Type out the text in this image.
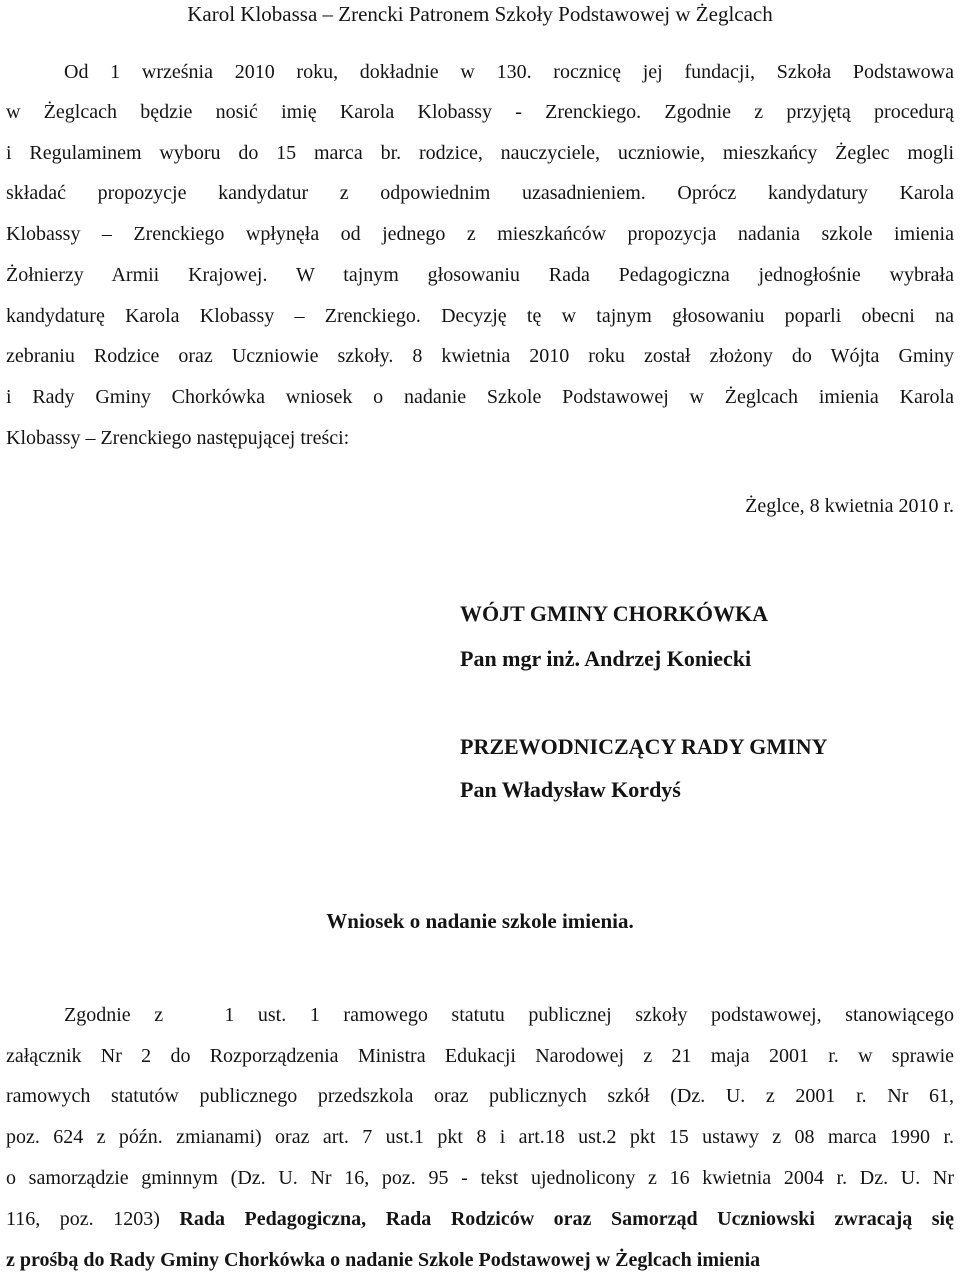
Karol Klobassa – Zrencki Patronem Szkoły Podstawowej w Żeglcach
Od 1 września 2010 roku, dokładnie w 130. rocznicę jej fundacji, Szkoła Podstawowa
w Żeglcach będzie nosić imię Karola Klobassy - Zrenckiego. Zgodnie z przyjętą procedurą
i Regulaminem wyboru do 15 marca br. rodzice, nauczyciele, uczniowie, mieszkańcy Żeglec mogli
składać propozycje kandydatur z odpowiednim uzasadnieniem. Oprócz kandydatury Karola
Klobassy – Zrenckiego wpłynęła od jednego z mieszkańców propozycja nadania szkole imienia
Żołnierzy Armii Krajowej. W tajnym głosowaniu Rada Pedagogiczna jednogłośnie wybrała
kandydaturę Karola Klobassy – Zrenckiego. Decyzję tę w tajnym głosowaniu poparli obecni na
zebraniu Rodzice oraz Uczniowie szkoły. 8 kwietnia 2010 roku został złożony do Wójta Gminy
i Rady Gminy Chorkówka wniosek o nadanie Szkole Podstawowej w Żeglcach imienia Karola
Klobassy – Zrenckiego następującej treści:
Żeglce, 8 kwietnia 2010 r.
WÓJT GMINY CHORKÓWKA
Pan mgr inż. Andrzej Koniecki
PRZEWODNICZĄCY RADY GMINY
Pan Władysław Kordyś
Wniosek o nadanie szkole imienia.
Zgodnie z	1 ust. 1 ramowego statutu publicznej szkoły podstawowej, stanowiącego
załącznik Nr 2 do Rozporządzenia Ministra Edukacji Narodowej z 21 maja 2001 r. w sprawie
ramowych statutów publicznego przedszkola oraz publicznych szkół (Dz. U. z 2001 r. Nr 61,
poz. 624 z późn. zmianami) oraz art. 7 ust.1 pkt 8 i art.18 ust.2 pkt 15 ustawy z 08 marca 1990 r.
o samorządzie gminnym (Dz. U. Nr 16, poz. 95 - tekst ujednolicony z 16 kwietnia 2004 r. Dz. U. Nr
116, poz. 1203) Rada Pedagogiczna, Rada Rodziców oraz Samorząd Uczniowski zwracają się
z prośbą do Rady Gminy Chorkówka o nadanie Szkole Podstawowej w Żeglcach imienia
